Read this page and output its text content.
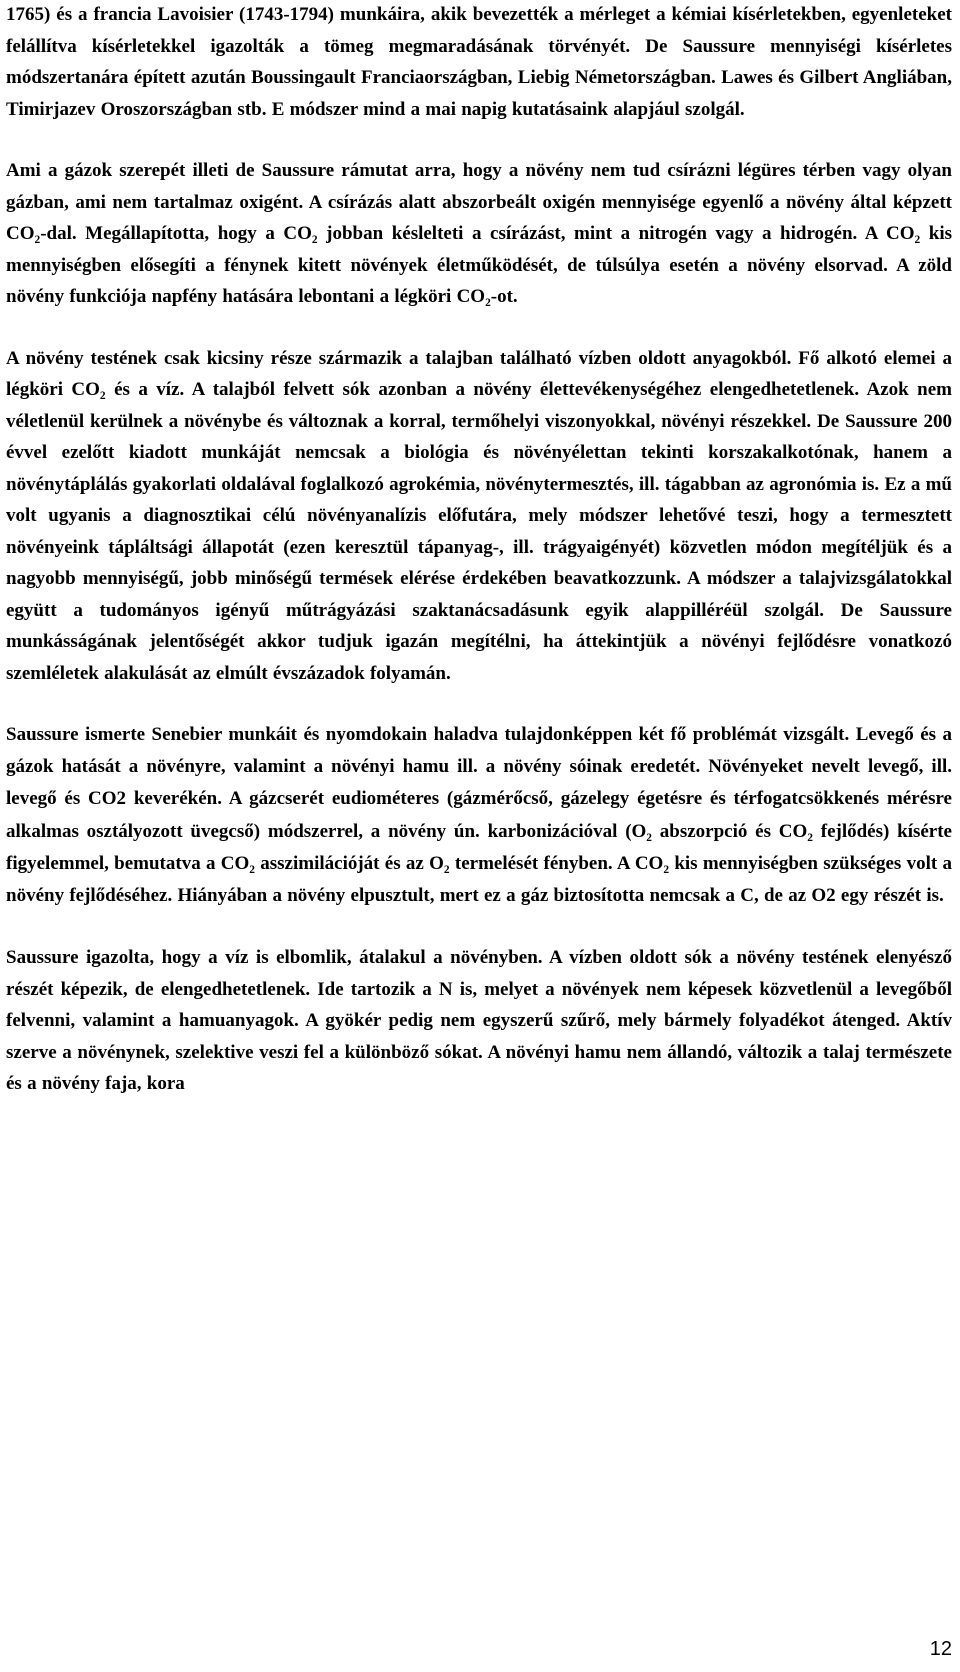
1765) és a francia Lavoisier (1743-1794) munkáira, akik bevezették a mérleget a kémiai kísérletekben, egyenleteket felállítva kísérletekkel igazolták a tömeg megmaradásának törvényét. De Saussure mennyiségi kísérletes módszertanára épített azután Boussingault Franciaországban, Liebig Németországban. Lawes és Gilbert Angliában, Timirjazev Oroszországban stb. E módszer mind a mai napig kutatásaink alapjául szolgál.

Ami a gázok szerepét illeti de Saussure rámutat arra, hogy a növény nem tud csírázni légüres térben vagy olyan gázban, ami nem tartalmaz oxigént. A csírázás alatt abszorbeált oxigén mennyisége egyenlő a növény által képzett CO₂-dal. Megállapította, hogy a CO₂ jobban késlelteti a csírázást, mint a nitrogén vagy a hidrogén. A CO₂ kis mennyiségben elősegíti a fénynek kitett növények életműködését, de túlsúlya esetén a növény elsorvad. A zöld növény funkciója napfény hatására lebontani a légköri CO₂-ot.

A növény testének csak kicsiny része származik a talajban található vízben oldott anyagokból. Fő alkotó elemei a légköri CO₂ és a víz. A talajból felvett sók azonban a növény élettevékenységéhez elengedhetetlenek. Azok nem véletlenül kerülnek a növénybe és változnak a korral, termőhelyi viszonyokkal, növényi részekkel. De Saussure 200 évvel ezelőtt kiadott munkáját nemcsak a biológia és növényélettan tekinti korszakalkotónak, hanem a növénytáplálás gyakorlati oldalával foglalkozó agrokémia, növénytermesztés, ill. tágabban az agronómia is. Ez a mű volt ugyanis a diagnosztikai célú növényanalízis előfutára, mely módszer lehetővé teszi, hogy a termesztett növényeink tápláltsági állapotát (ezen keresztül tápanyag-, ill. trágyaigényét) közvetlen módon megítéljük és a nagyobb mennyiségű, jobb minőségű termések elérése érdekében beavatkozzunk. A módszer a talajvizsgálatokkal együtt a tudományos igényű műtrágyázási szaktanácsadásunk egyik alappilléréül szolgál. De Saussure munkásságának jelentőségét akkor tudjuk igazán megítélni, ha áttekintjük a növényi fejlődésre vonatkozó szemléletek alakulását az elmúlt évszázadok folyamán.

Saussure ismerte Senebier munkáit és nyomdokain haladva tulajdonképpen két fő problémát vizsgált. Levegő és a gázok hatását a növényre, valamint a növényi hamu ill. a növény sóinak eredetét. Növényeket nevelt levegő, ill. levegő és CO2 keverékén. A gázcserét eudiométeres (gázmérőcső, gázelegy égetésre és térfogatcsökkenés mérésre alkalmas osztályozott üvegcső) módszerrel, a növény ún. karbonizációval (O₂ abszorpció és CO₂ fejlődés) kísérte figyelemmel, bemutatva a CO₂ asszimilációját és az O₂ termelését fényben. A CO₂ kis mennyiségben szükséges volt a növény fejlődéséhez. Hiányában a növény elpusztult, mert ez a gáz biztosította nemcsak a C, de az O2 egy részét is.

Saussure igazolta, hogy a víz is elbomlik, átalakul a növényben. A vízben oldott sók a növény testének elenyésző részét képezik, de elengedhetetlenek. Ide tartozik a N is, melyet a növények nem képesek közvetlenül a levegőből felvenni, valamint a hamuanyagok. A gyökér pedig nem egyszerű szűrő, mely bármely folyadékot átenged. Aktív szerve a növénynek, szelektive veszi fel a különböző sókat. A növényi hamu nem állandó, változik a talaj természete és a növény faja, kora

12
